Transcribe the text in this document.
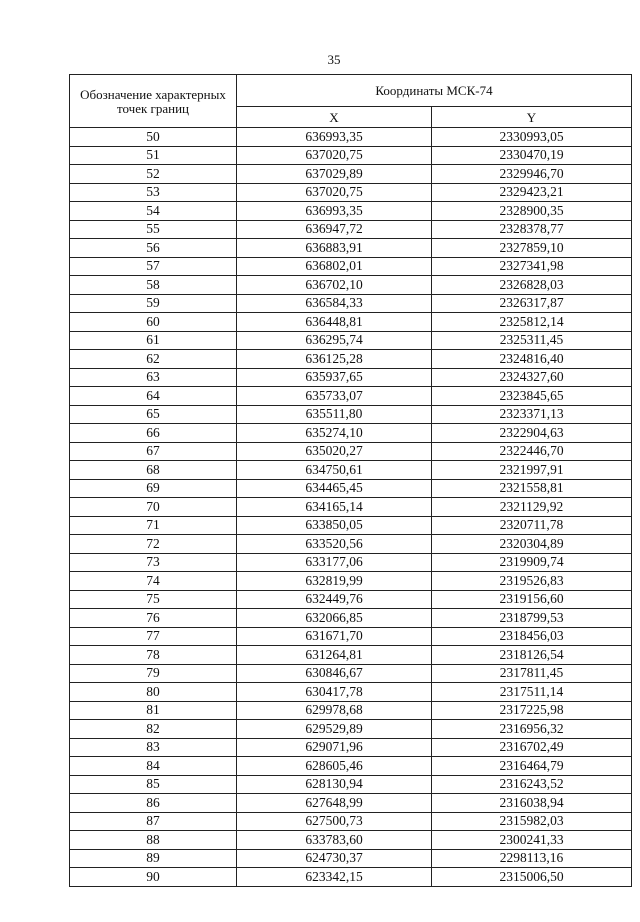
35
Обозначение характерных точек границ	Координаты МСК-74	
	X	Y
50	636993,35	2330993,05
51	637020,75	2330470,19
52	637029,89	2329946,70
53	637020,75	2329423,21
54	636993,35	2328900,35
55	636947,72	2328378,77
56	636883,91	2327859,10
57	636802,01	2327341,98
58	636702,10	2326828,03
59	636584,33	2326317,87
60	636448,81	2325812,14
61	636295,74	2325311,45
62	636125,28	2324816,40
63	635937,65	2324327,60
64	635733,07	2323845,65
65	635511,80	2323371,13
66	635274,10	2322904,63
67	635020,27	2322446,70
68	634750,61	2321997,91
69	634465,45	2321558,81
70	634165,14	2321129,92
71	633850,05	2320711,78
72	633520,56	2320304,89
73	633177,06	2319909,74
74	632819,99	2319526,83
75	632449,76	2319156,60
76	632066,85	2318799,53
77	631671,70	2318456,03
78	631264,81	2318126,54
79	630846,67	2317811,45
80	630417,78	2317511,14
81	629978,68	2317225,98
82	629529,89	2316956,32
83	629071,96	2316702,49
84	628605,46	2316464,79
85	628130,94	2316243,52
86	627648,99	2316038,94
87	627500,73	2315982,03
88	633783,60	2300241,33
89	624730,37	2298113,16
90	623342,15	2315006,50
